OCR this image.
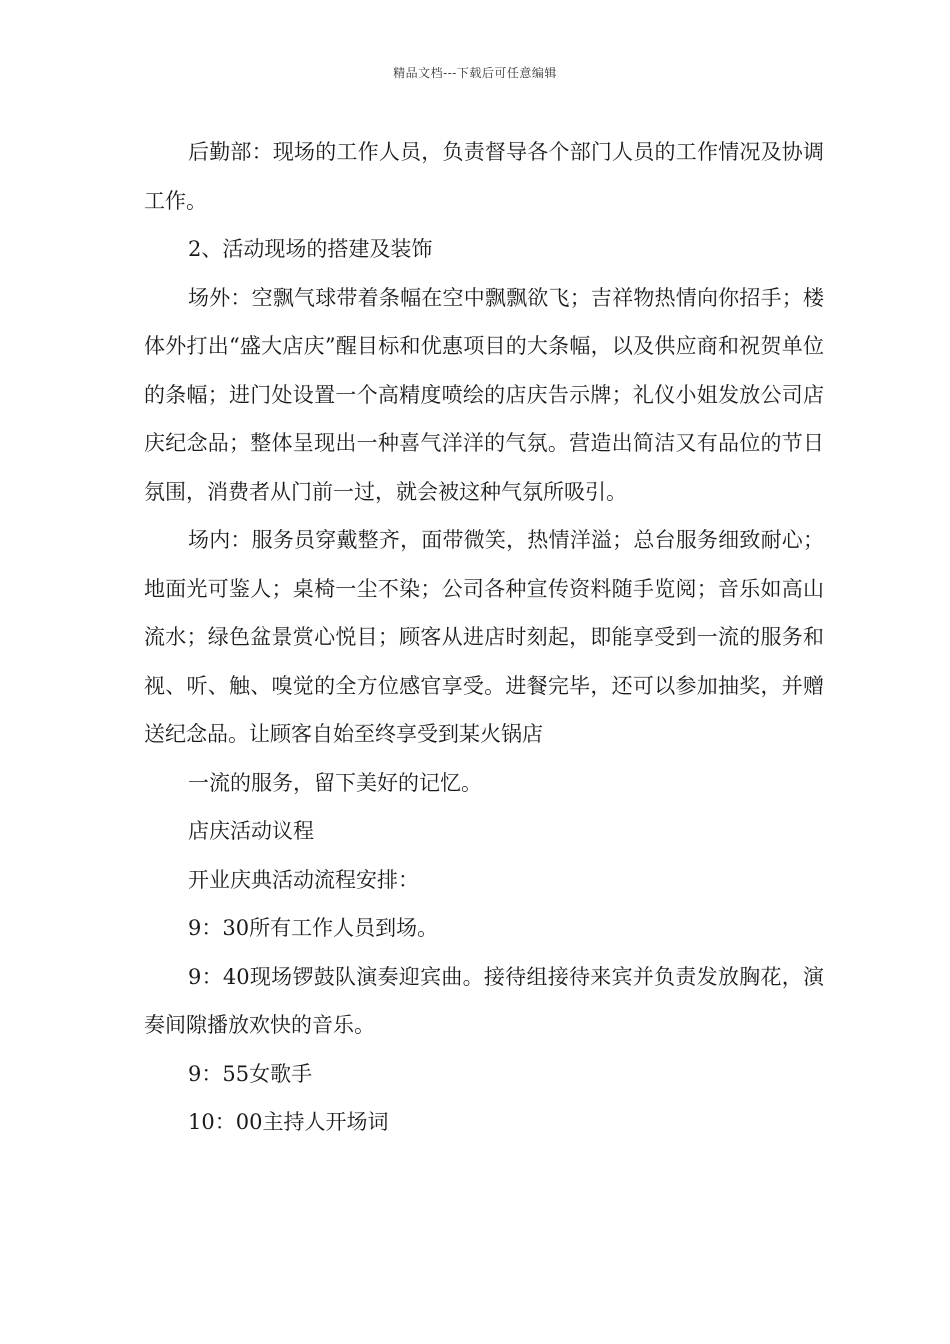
精品文档---下载后可任意编辑

后勤部：现场的工作人员，负责督导各个部门人员的工作情况及协调工作。

2、活动现场的搭建及装饰

场外：空飘气球带着条幅在空中飘飘欲飞；吉祥物热情向你招手；楼体外打出“盛大店庆”醒目标和优惠项目的大条幅，以及供应商和祝贺单位的条幅；进门处设置一个高精度喷绘的店庆告示牌；礼仪小姐发放公司店庆纪念品；整体呈现出一种喜气洋洋的气氛。营造出简洁又有品位的节日氛围，消费者从门前一过，就会被这种气氛所吸引。

场内：服务员穿戴整齐，面带微笑，热情洋溢；总台服务细致耐心；地面光可鉴人；桌椅一尘不染；公司各种宣传资料随手览阅；音乐如高山流水；绿色盆景赏心悦目；顾客从进店时刻起，即能享受到一流的服务和视、听、触、嗅觉的全方位感官享受。进餐完毕，还可以参加抽奖，并赠送纪念品。让顾客自始至终享受到某火锅店

一流的服务，留下美好的记忆。

店庆活动议程

开业庆典活动流程安排：

9：30所有工作人员到场。

9：40现场锣鼓队演奏迎宾曲。接待组接待来宾并负责发放胸花，演奏间隙播放欢快的音乐。

9：55女歌手

10：00主持人开场词
